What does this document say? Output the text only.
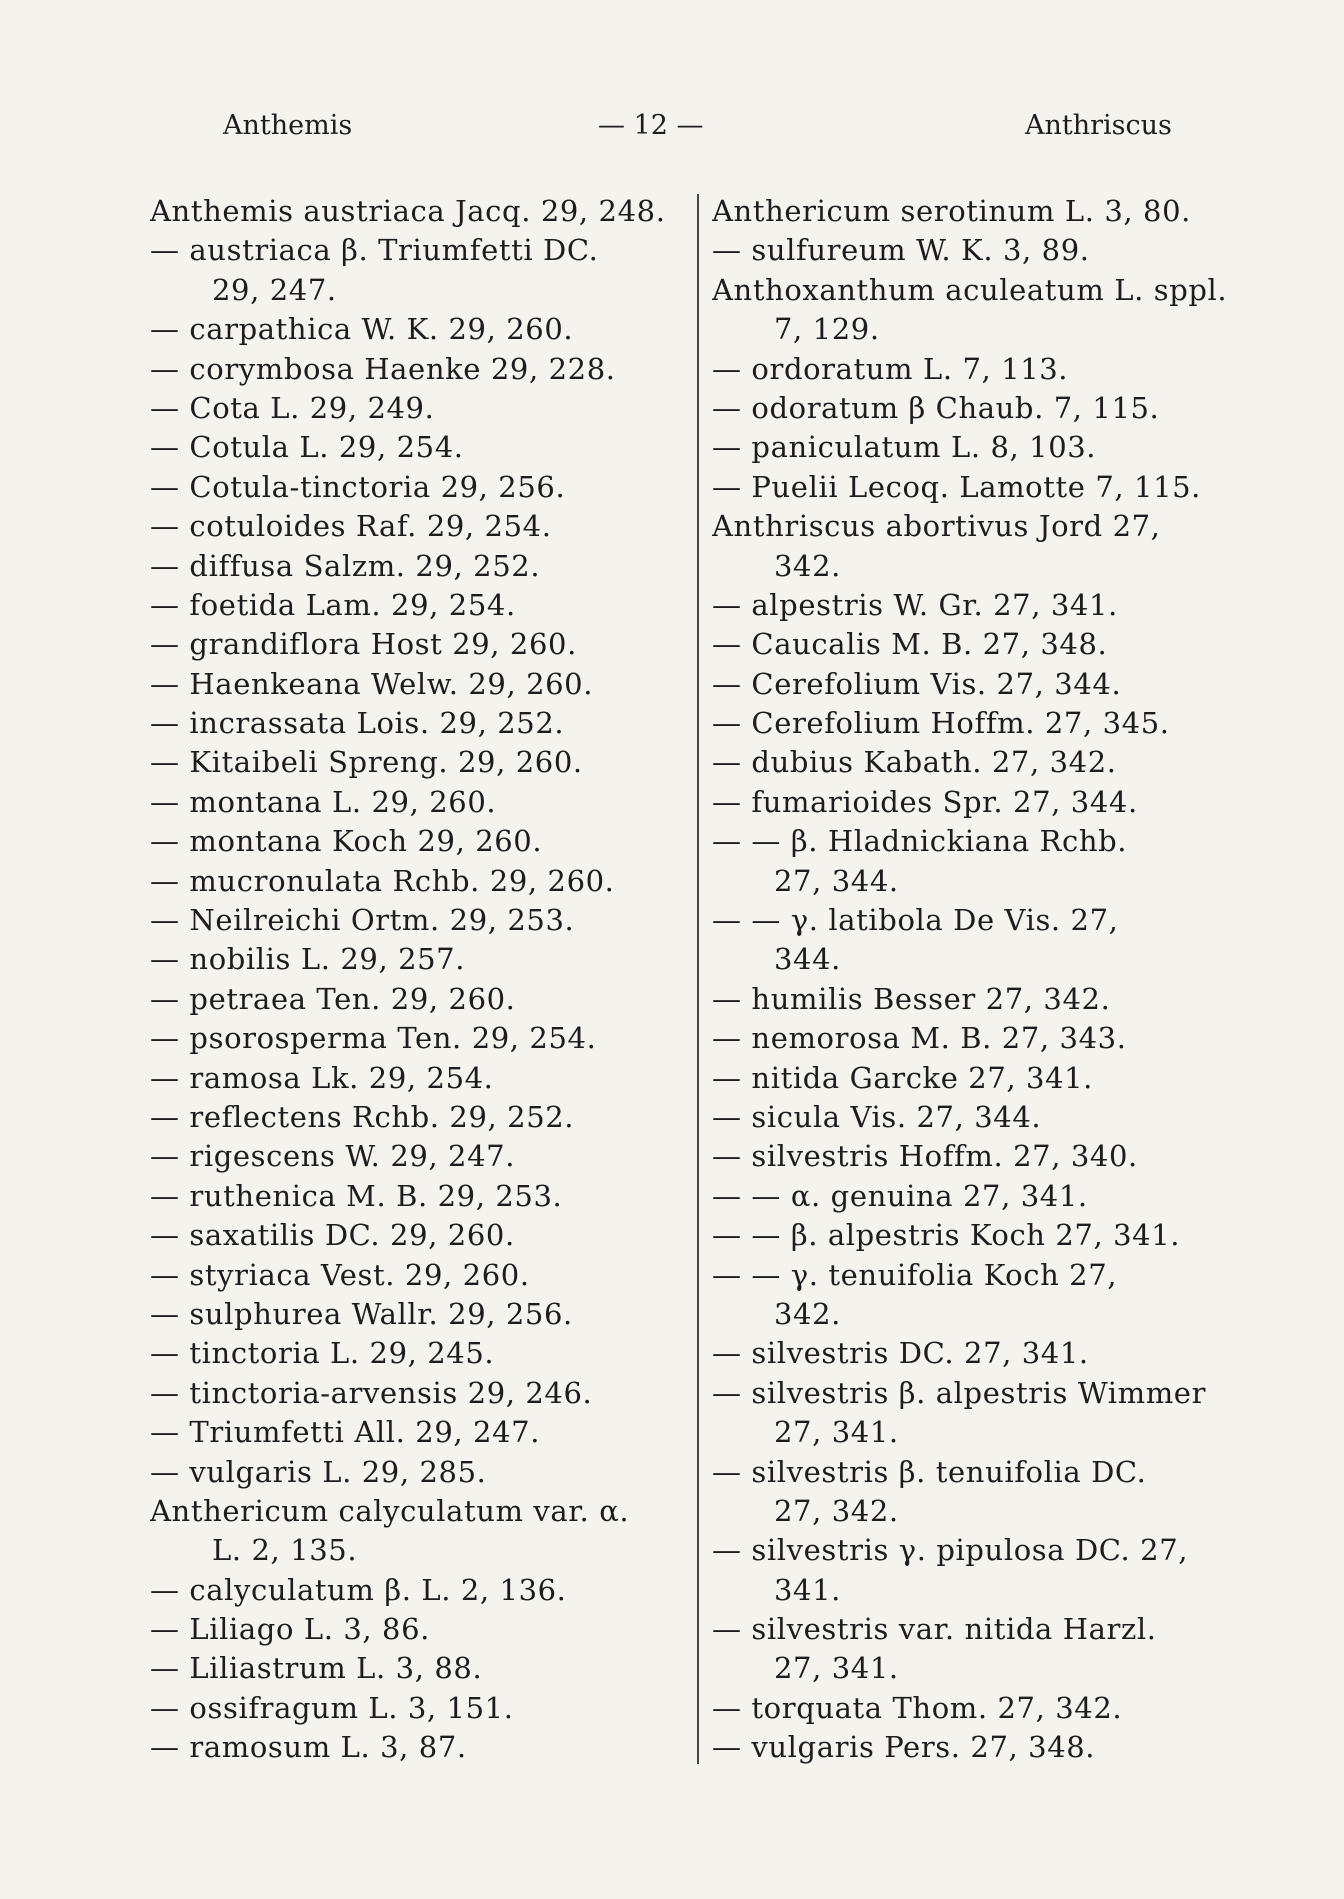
Anthemis	— 12 —	Anthriscus
Anthemis austriaca Jacq. 29, 248.
— austriaca β. Triumfetti DC.
29, 247.
— carpathica W. K. 29, 260.
— corymbosa Haenke 29, 228.
— Cota L. 29, 249.
— Cotula L. 29, 254.
— Cotula-tinctoria 29, 256.
— cotuloides Raf. 29, 254.
— diffusa Salzm. 29, 252.
— foetida Lam. 29, 254.
— grandiflora Host 29, 260.
— Haenkeana Welw. 29, 260.
— incrassata Lois. 29, 252.
— Kitaibeli Spreng. 29, 260.
— montana L. 29, 260.
— montana Koch 29, 260.
— mucronulata Rchb. 29, 260.
— Neilreichi Ortm. 29, 253.
— nobilis L. 29, 257.
— petraea Ten. 29, 260.
— psorosperma Ten. 29, 254.
— ramosa Lk. 29, 254.
— reflectens Rchb. 29, 252.
— rigescens W. 29, 247.
— ruthenica M. B. 29, 253.
— saxatilis DC. 29, 260.
— styriaca Vest. 29, 260.
— sulphurea Wallr. 29, 256.
— tinctoria L. 29, 245.
— tinctoria-arvensis 29, 246.
— Triumfetti All. 29, 247.
— vulgaris L. 29, 285.
Anthericum calyculatum var. α.
L. 2, 135.
— calyculatum β. L. 2, 136.
— Liliago L. 3, 86.
— Liliastrum L. 3, 88.
— ossifragum L. 3, 151.
— ramosum L. 3, 87.
Anthericum serotinum L. 3, 80.
— sulfureum W. K. 3, 89.
Anthoxanthum aculeatum L. sppl.
7, 129.
— ordoratum L. 7, 113.
— odoratum β Chaub. 7, 115.
— paniculatum L. 8, 103.
— Puelii Lecoq. Lamotte 7, 115.
Anthriscus abortivus Jord 27,
342.
— alpestris W. Gr. 27, 341.
— Caucalis M. B. 27, 348.
— Cerefolium Vis. 27, 344.
— Cerefolium Hoffm. 27, 345.
— dubius Kabath. 27, 342.
— fumarioides Spr. 27, 344.
— — β. Hladnickiana Rchb.
27, 344.
— — γ. latibola De Vis. 27,
344.
— humilis Besser 27, 342.
— nemorosa M. B. 27, 343.
— nitida Garcke 27, 341.
— sicula Vis. 27, 344.
— silvestris Hoffm. 27, 340.
— — α. genuina 27, 341.
— — β. alpestris Koch 27, 341.
— — γ. tenuifolia Koch 27,
342.
— silvestris DC. 27, 341.
— silvestris β. alpestris Wimmer
27, 341.
— silvestris β. tenuifolia DC.
27, 342.
— silvestris γ. pipulosa DC. 27,
341.
— silvestris var. nitida Harzl.
27, 341.
— torquata Thom. 27, 342.
— vulgaris Pers. 27, 348.
